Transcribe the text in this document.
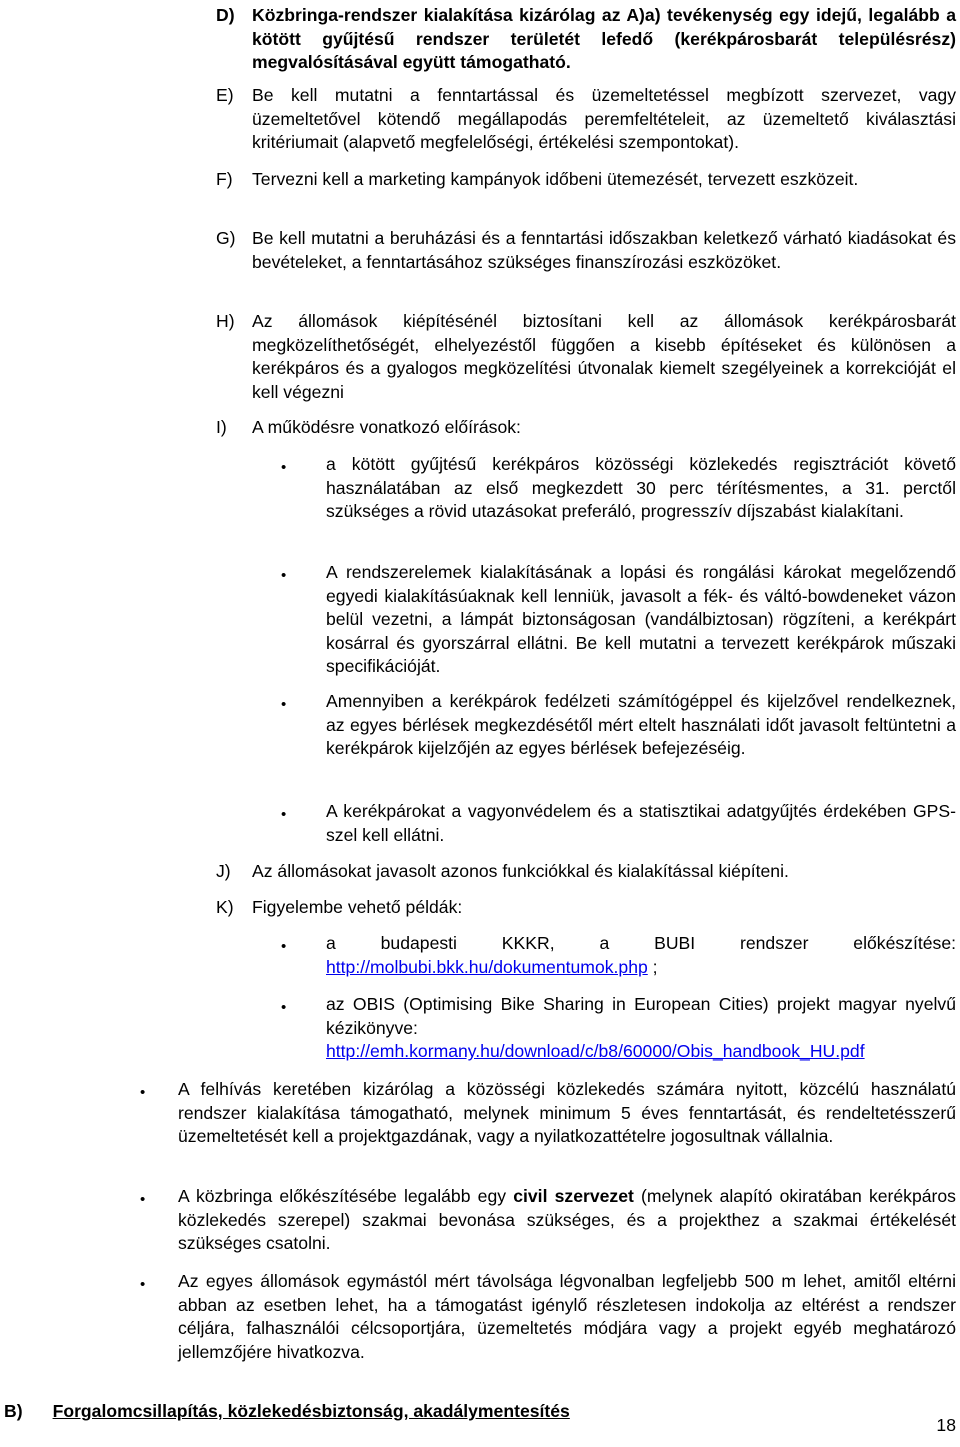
D) Közbringa-rendszer kialakítása kizárólag az A)a) tevékenység egy idejű, legalább a kötött gyűjtésű rendszer területét lefedő (kerékpárosbarát településrész) megvalósításával együtt támogatható.
E) Be kell mutatni a fenntartással és üzemeltetéssel megbízott szervezet, vagy üzemeltetővel kötendő megállapodás peremfeltételeit, az üzemeltető kiválasztási kritériumait (alapvető megfelelőségi, értékelési szempontokat).
F) Tervezni kell a marketing kampányok időbeni ütemezését, tervezett eszközeit.
G) Be kell mutatni a beruházási és a fenntartási időszakban keletkező várható kiadásokat és bevételeket, a fenntartásához szükséges finanszírozási eszközöket.
H) Az állomások kiépítésénél biztosítani kell az állomások kerékpárosbarát megközelíthetőségét, elhelyezéstől függően a kisebb építéseket és különösen a kerékpáros és a gyalogos megközelítési útvonalak kiemelt szegélyeinek a korrekcióját el kell végezni
I) A működésre vonatkozó előírások:
• a kötött gyűjtésű kerékpáros közösségi közlekedés regisztrációt követő használatában az első megkezdett 30 perc térítésmentes, a 31. perctől szükséges a rövid utazásokat preferáló, progresszív díjszabást kialakítani.
• A rendszerelemek kialakításának a lopási és rongálási károkat megelőzendő egyedi kialakításúaknak kell lenniük, javasolt a fék- és váltó-bowdeneket vázon belül vezetni, a lámpát biztonságosan (vandálbiztosan) rögzíteni, a kerékpárt kosárral és gyorszárral ellátni. Be kell mutatni a tervezett kerékpárok műszaki specifikációját.
• Amennyiben a kerékpárok fedélzeti számítógéppel és kijelzővel rendelkeznek, az egyes bérlések megkezdésétől mért eltelt használati időt javasolt feltüntetni a kerékpárok kijelzőjén az egyes bérlések befejezéséig.
• A kerékpárokat a vagyonvédelem és a statisztikai adatgyűjtés érdekében GPS-szel kell ellátni.
J) Az állomásokat javasolt azonos funkciókkal és kialakítással kiépíteni.
K) Figyelembe vehető példák:
• a budapesti KKKR, a BUBI rendszer előkészítése:
http://molbubi.bkk.hu/dokumentumok.php ;
• az OBIS (Optimising Bike Sharing in European Cities) projekt magyar nyelvű kézikönyve:
http://emh.kormany.hu/download/c/b8/60000/Obis_handbook_HU.pdf
• A felhívás keretében kizárólag a közösségi közlekedés számára nyitott, közcélú használatú rendszer kialakítása támogatható, melynek minimum 5 éves fenntartását, és rendeltetésszerű üzemeltetését kell a projektgazdának, vagy a nyilatkozattételre jogosultnak vállalnia.
• A közbringa előkészítésébe legalább egy civil szervezet (melynek alapító okiratában kerékpáros közlekedés szerepel) szakmai bevonása szükséges, és a projekthez a szakmai értékelését szükséges csatolni.
• Az egyes állomások egymástól mért távolsága légvonalban legfeljebb 500 m lehet, amitől eltérni abban az esetben lehet, ha a támogatást igénylő részletesen indokolja az eltérést a rendszer céljára, falhasználói célcsoportjára, üzemeltetés módjára vagy a projekt egyéb meghatározó jellemzőjére hivatkozva.
B) Forgalomcsillapítás, közlekedésbiztonság, akadálymentesítés
18
